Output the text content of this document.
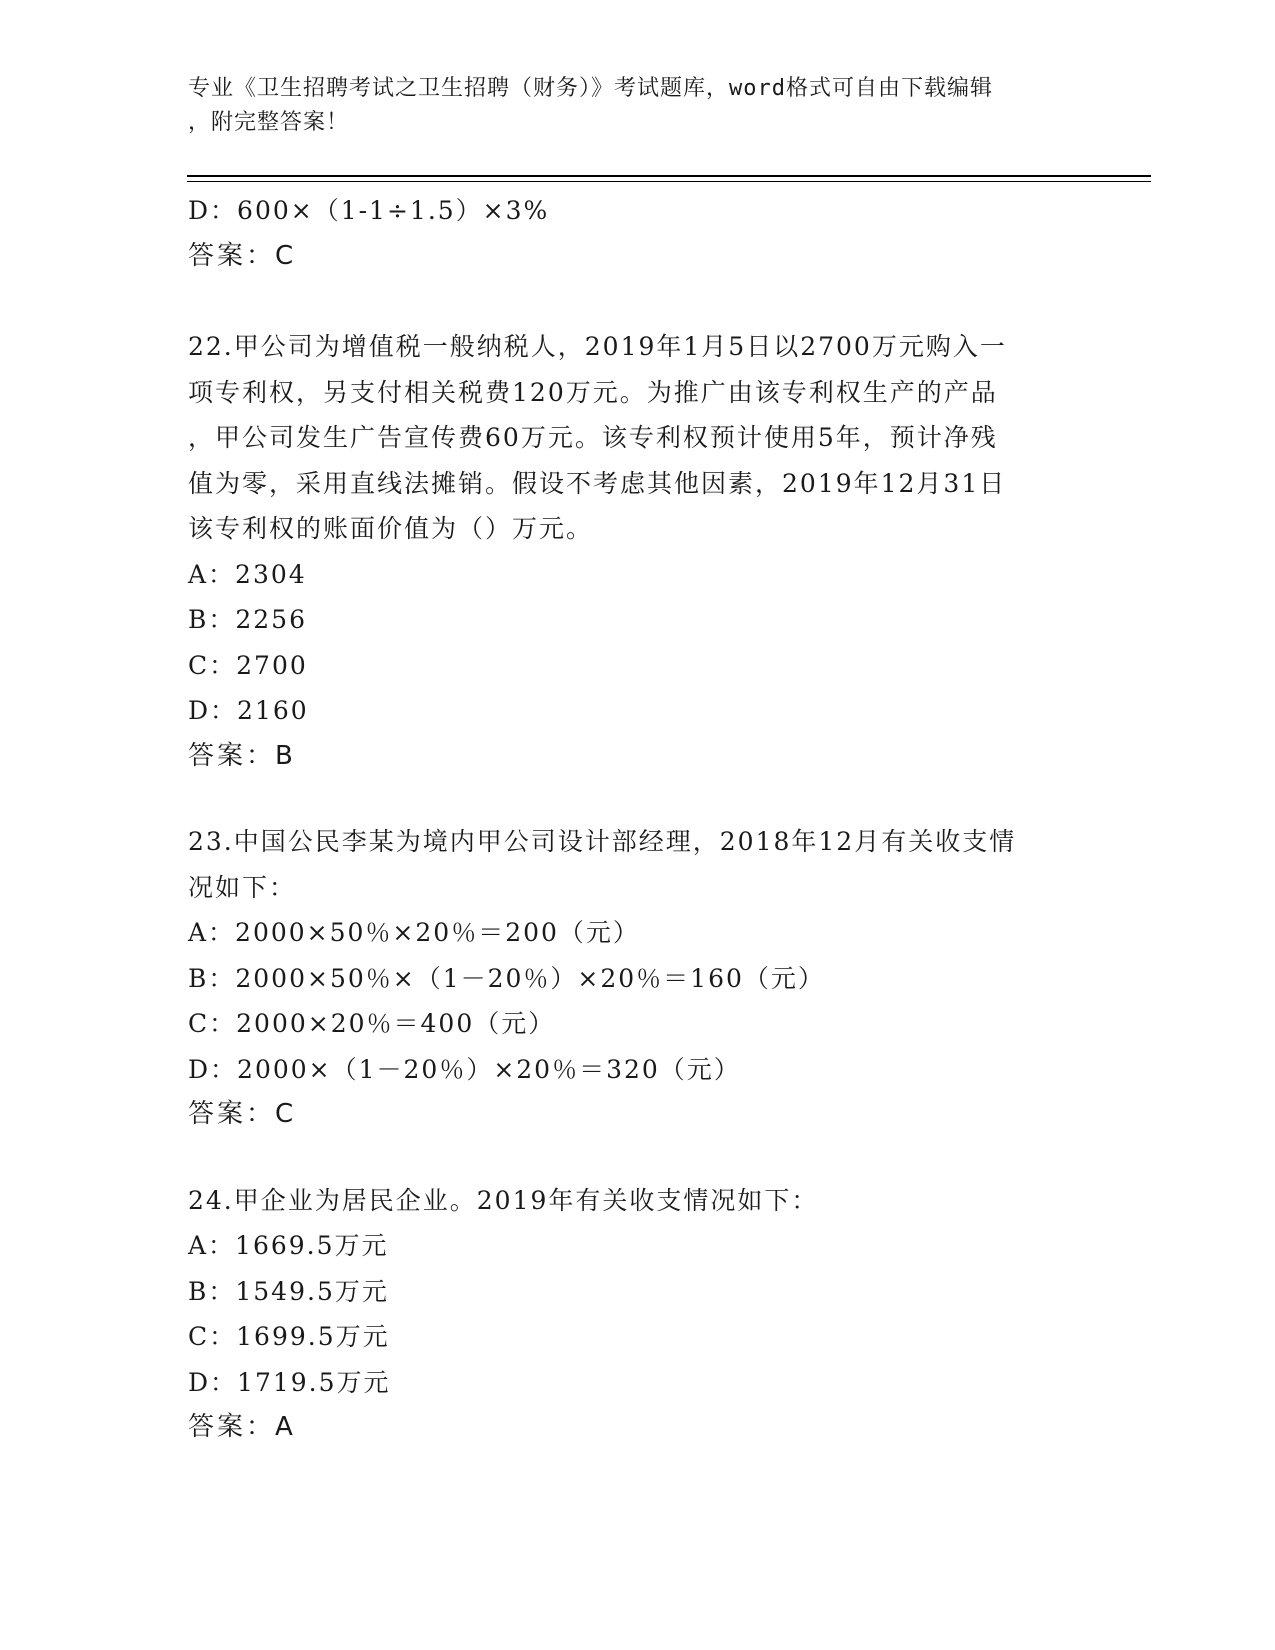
专业《卫生招聘考试之卫生招聘（财务）》考试题库，word格式可自由下载编辑
，附完整答案！
D：600×（1-1÷1.5）×3%
答案：C
22.甲公司为增值税一般纳税人，2019年1月5日以2700万元购入一
项专利权，另支付相关税费120万元。为推广由该专利权生产的产品
，甲公司发生广告宣传费60万元。该专利权预计使用5年，预计净残
值为零，采用直线法摊销。假设不考虑其他因素，2019年12月31日
该专利权的账面价值为（）万元。
A：2304
B：2256
C：2700
D：2160
答案：B
23.中国公民李某为境内甲公司设计部经理，2018年12月有关收支情
况如下：
A：2000×50％×20％＝200（元）
B：2000×50％×（1－20％）×20％＝160（元）
C：2000×20％＝400（元）
D：2000×（1－20％）×20％＝320（元）
答案：C
24.甲企业为居民企业。2019年有关收支情况如下：
A：1669.5万元
B：1549.5万元
C：1699.5万元
D：1719.5万元
答案：A
